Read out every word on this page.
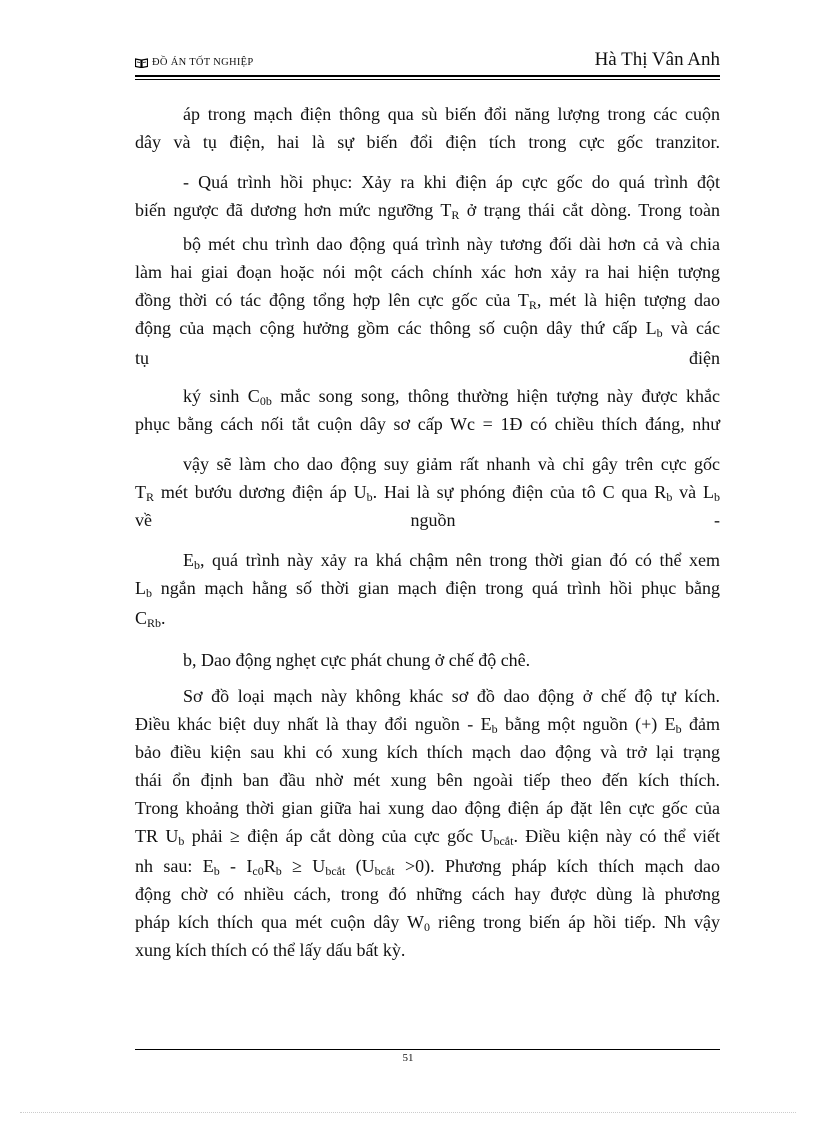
ĐỒ ÁN TỐT NGHIỆP	Hà Thị Vân Anh
áp trong mạch điện thông qua sù biến đổi năng lượng trong các cuộn
dây và tụ điện, hai là sự biến đổi điện tích trong cực gốc tranzitor.
- Quá trình hồi phục: Xảy ra khi điện áp cực gốc do quá trình đột
biến ngược đã dương hơn mức ngưỡng $T_R$ ở trạng thái cắt dòng. Trong toàn
bộ mét chu trình dao động quá trình này tương đối dài hơn cả và chia
làm hai giai đoạn hoặc nói một cách chính xác hơn xảy ra hai hiện tượng
đồng thời có tác động tổng hợp lên cực gốc của $T_R$, mét là hiện tượng dao
động của mạch cộng hưởng gồm các thông số cuộn dây thứ cấp $L_b$ và các
tụ điện
ký $\sinh C_{0b}$ mắc song song, thông thường hiện tượng này được khắc
phục bằng cách nối tắt cuộn dây sơ cấp Wc = 1Đ có chiều thích đáng, như
vậy sẽ làm cho dao động suy giảm rất nhanh và chỉ gây trên cực gốc
$T_R$ mét bướu dương điện áp $U_b$. Hai là sự phóng điện của tô C qua $R_b$ và $L_b$
về nguồn -
$E_b$, quá trình này xảy ra khá chậm nên trong thời gian đó có thể xem
$L_b$ ngắn mạch hằng số thời gian mạch điện trong quá trình hồi phục bằng
$C_{Rb}$.
b, Dao động nghẹt cực phát chung ở chế độ chê.
Sơ đồ loại mạch này không khác sơ đồ dao động ở chế độ tự kích.
Điều khác biệt duy nhất là thay đổi nguồn - $E_b$ bằng một nguồn (+) $E_b$ đảm
bảo điều kiện sau khi có xung kích thích mạch dao động và trở lại trạng
thái ổn định ban đầu nhờ mét xung bên ngoài tiếp theo đến kích thích.
Trong khoảng thời gian giữa hai xung dao động điện áp đặt lên cực gốc của
TR $U_b$ phải ≥ điện áp cắt dòng của cực gốc $U_{bcắt}$. Điều kiện này có thể viết
nh sau: $E_b - I_{c0}R_b \ge U_{bcắt}$ $(U_{bcắt} >0)$. Phương pháp kích thích mạch dao
động chờ có nhiều cách, trong đó những cách hay được dùng là phương
pháp kích thích qua mét cuộn dây $W_0$ riêng trong biến áp hồi tiếp. Nh vậy
xung kích thích có thể lấy dấu bất kỳ.
51
